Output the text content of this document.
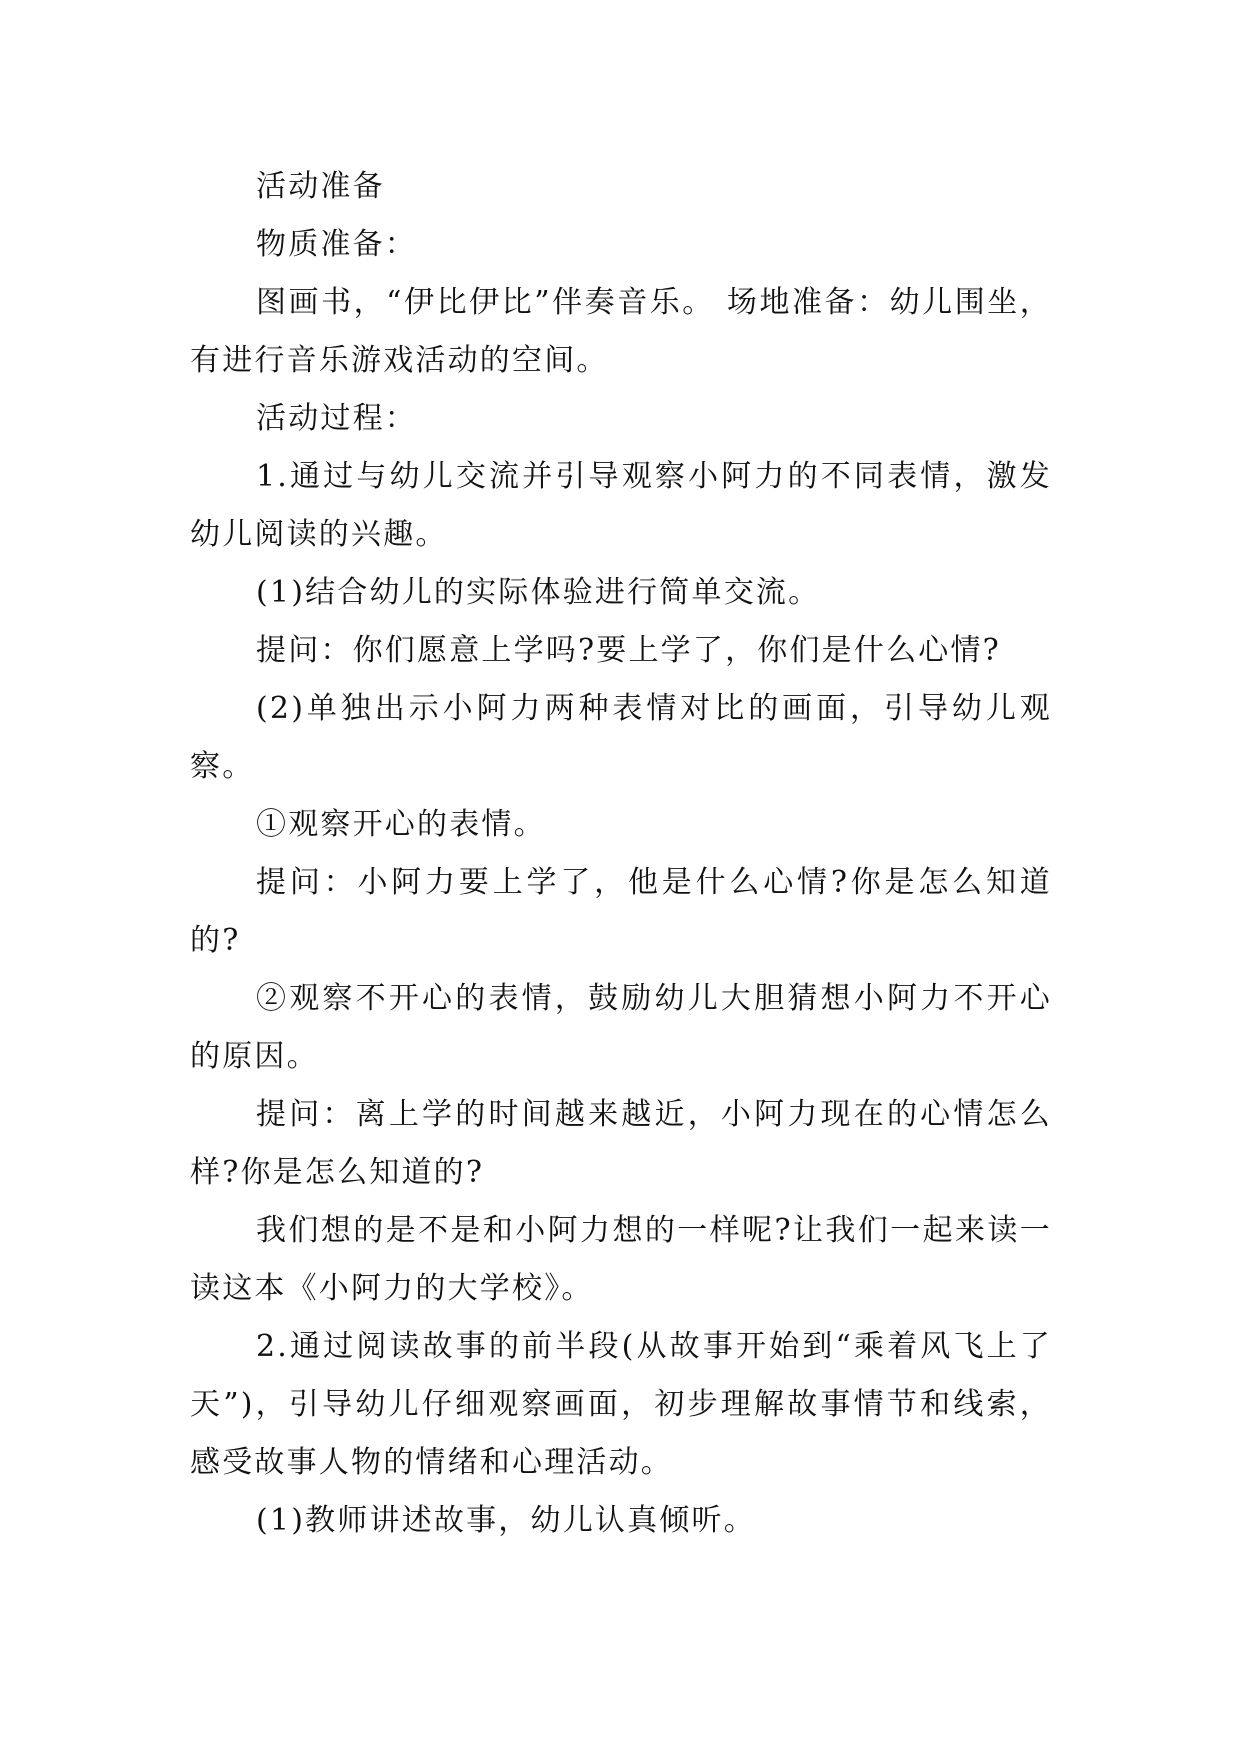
活动准备

物质准备：

图画书，“伊比伊比”伴奏音乐。 场地准备：幼儿围坐，有进行音乐游戏活动的空间。

活动过程：

1.通过与幼儿交流并引导观察小阿力的不同表情，激发幼儿阅读的兴趣。

(1)结合幼儿的实际体验进行简单交流。

提问：你们愿意上学吗?要上学了，你们是什么心情?

(2)单独出示小阿力两种表情对比的画面，引导幼儿观察。

①观察开心的表情。

提问：小阿力要上学了，他是什么心情?你是怎么知道的?

②观察不开心的表情，鼓励幼儿大胆猜想小阿力不开心的原因。

提问：离上学的时间越来越近，小阿力现在的心情怎么样?你是怎么知道的?

我们想的是不是和小阿力想的一样呢?让我们一起来读一读这本《小阿力的大学校》。

2.通过阅读故事的前半段(从故事开始到“乘着风飞上了天”)，引导幼儿仔细观察画面，初步理解故事情节和线索，感受故事人物的情绪和心理活动。

(1)教师讲述故事，幼儿认真倾听。
